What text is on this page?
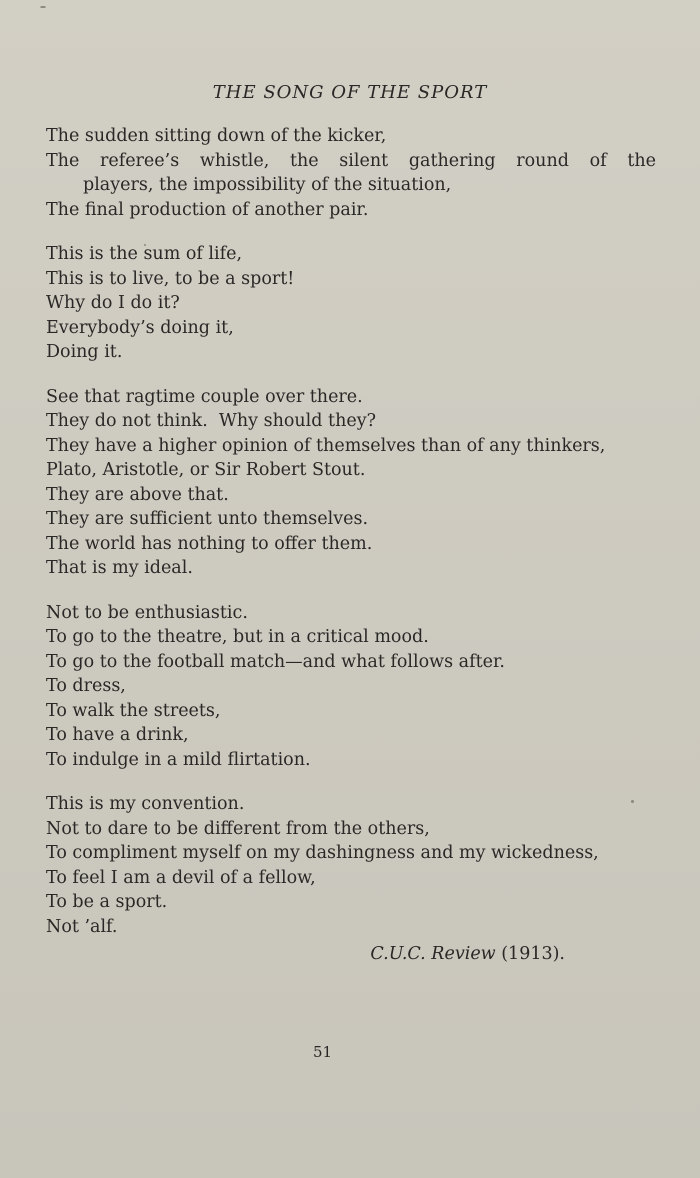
THE SONG OF THE SPORT
The sudden sitting down of the kicker,
The referee’s whistle, the silent gathering round of the
players, the impossibility of the situation,
The final production of another pair.
This is the sum of life,
This is to live, to be a sport!
Why do I do it?
Everybody’s doing it,
Doing it.
See that ragtime couple over there.
They do not think.  Why should they?
They have a higher opinion of themselves than of any thinkers,
Plato, Aristotle, or Sir Robert Stout.
They are above that.
They are sufficient unto themselves.
The world has nothing to offer them.
That is my ideal.
Not to be enthusiastic.
To go to the theatre, but in a critical mood.
To go to the football match—and what follows after.
To dress,
To walk the streets,
To have a drink,
To indulge in a mild flirtation.
This is my convention.
Not to dare to be different from the others,
To compliment myself on my dashingness and my wickedness,
To feel I am a devil of a fellow,
To be a sport.
Not ’alf.
C.U.C. Review (1913).
51
